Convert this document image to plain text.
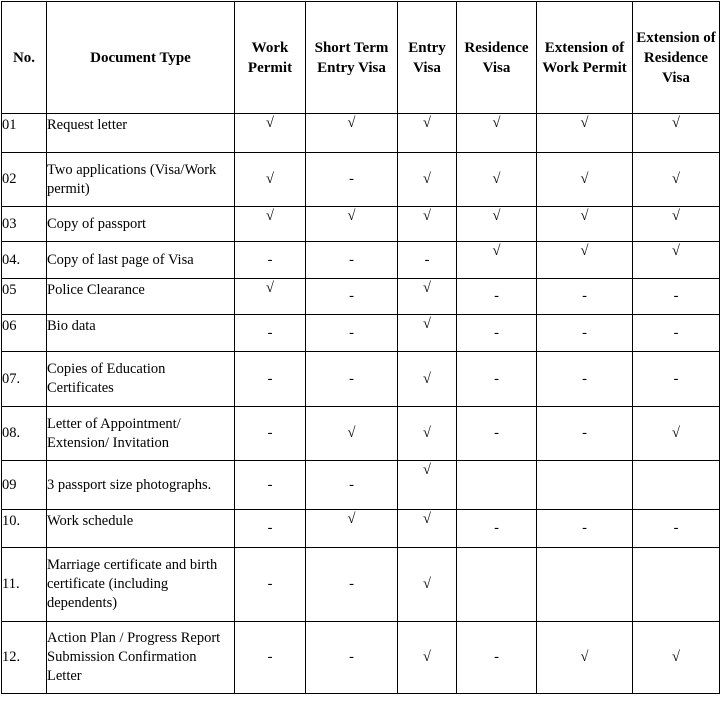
No.	Document Type	Work Permit	Short Term Entry Visa	Entry Visa	Residence Visa	Extension of Work Permit	Extension of Residence Visa
01	Request letter	√	√	√	√	√	√
02	Two applications (Visa/Work permit)	√	-	√	√	√	√
03	Copy of passport	√	√	√	√	√	√
04.	Copy of last page of Visa	-	-	-	√	√	√
05	Police Clearance	√	-	√	-	-	-
06	Bio data	-	-	√	-	-	-
07.	Copies of Education Certificates	-	-	√	-	-	-
08.	Letter of Appointment/ Extension/ Invitation	-	√	√	-	-	√
09	3 passport size photographs.	-	-	√			
10.	Work schedule	-	√	√	-	-	-
11.	Marriage certificate and birth certificate (including dependents)	-	-	√			
12.	Action Plan / Progress Report Submission Confirmation Letter	-	-	√	-	√	√
